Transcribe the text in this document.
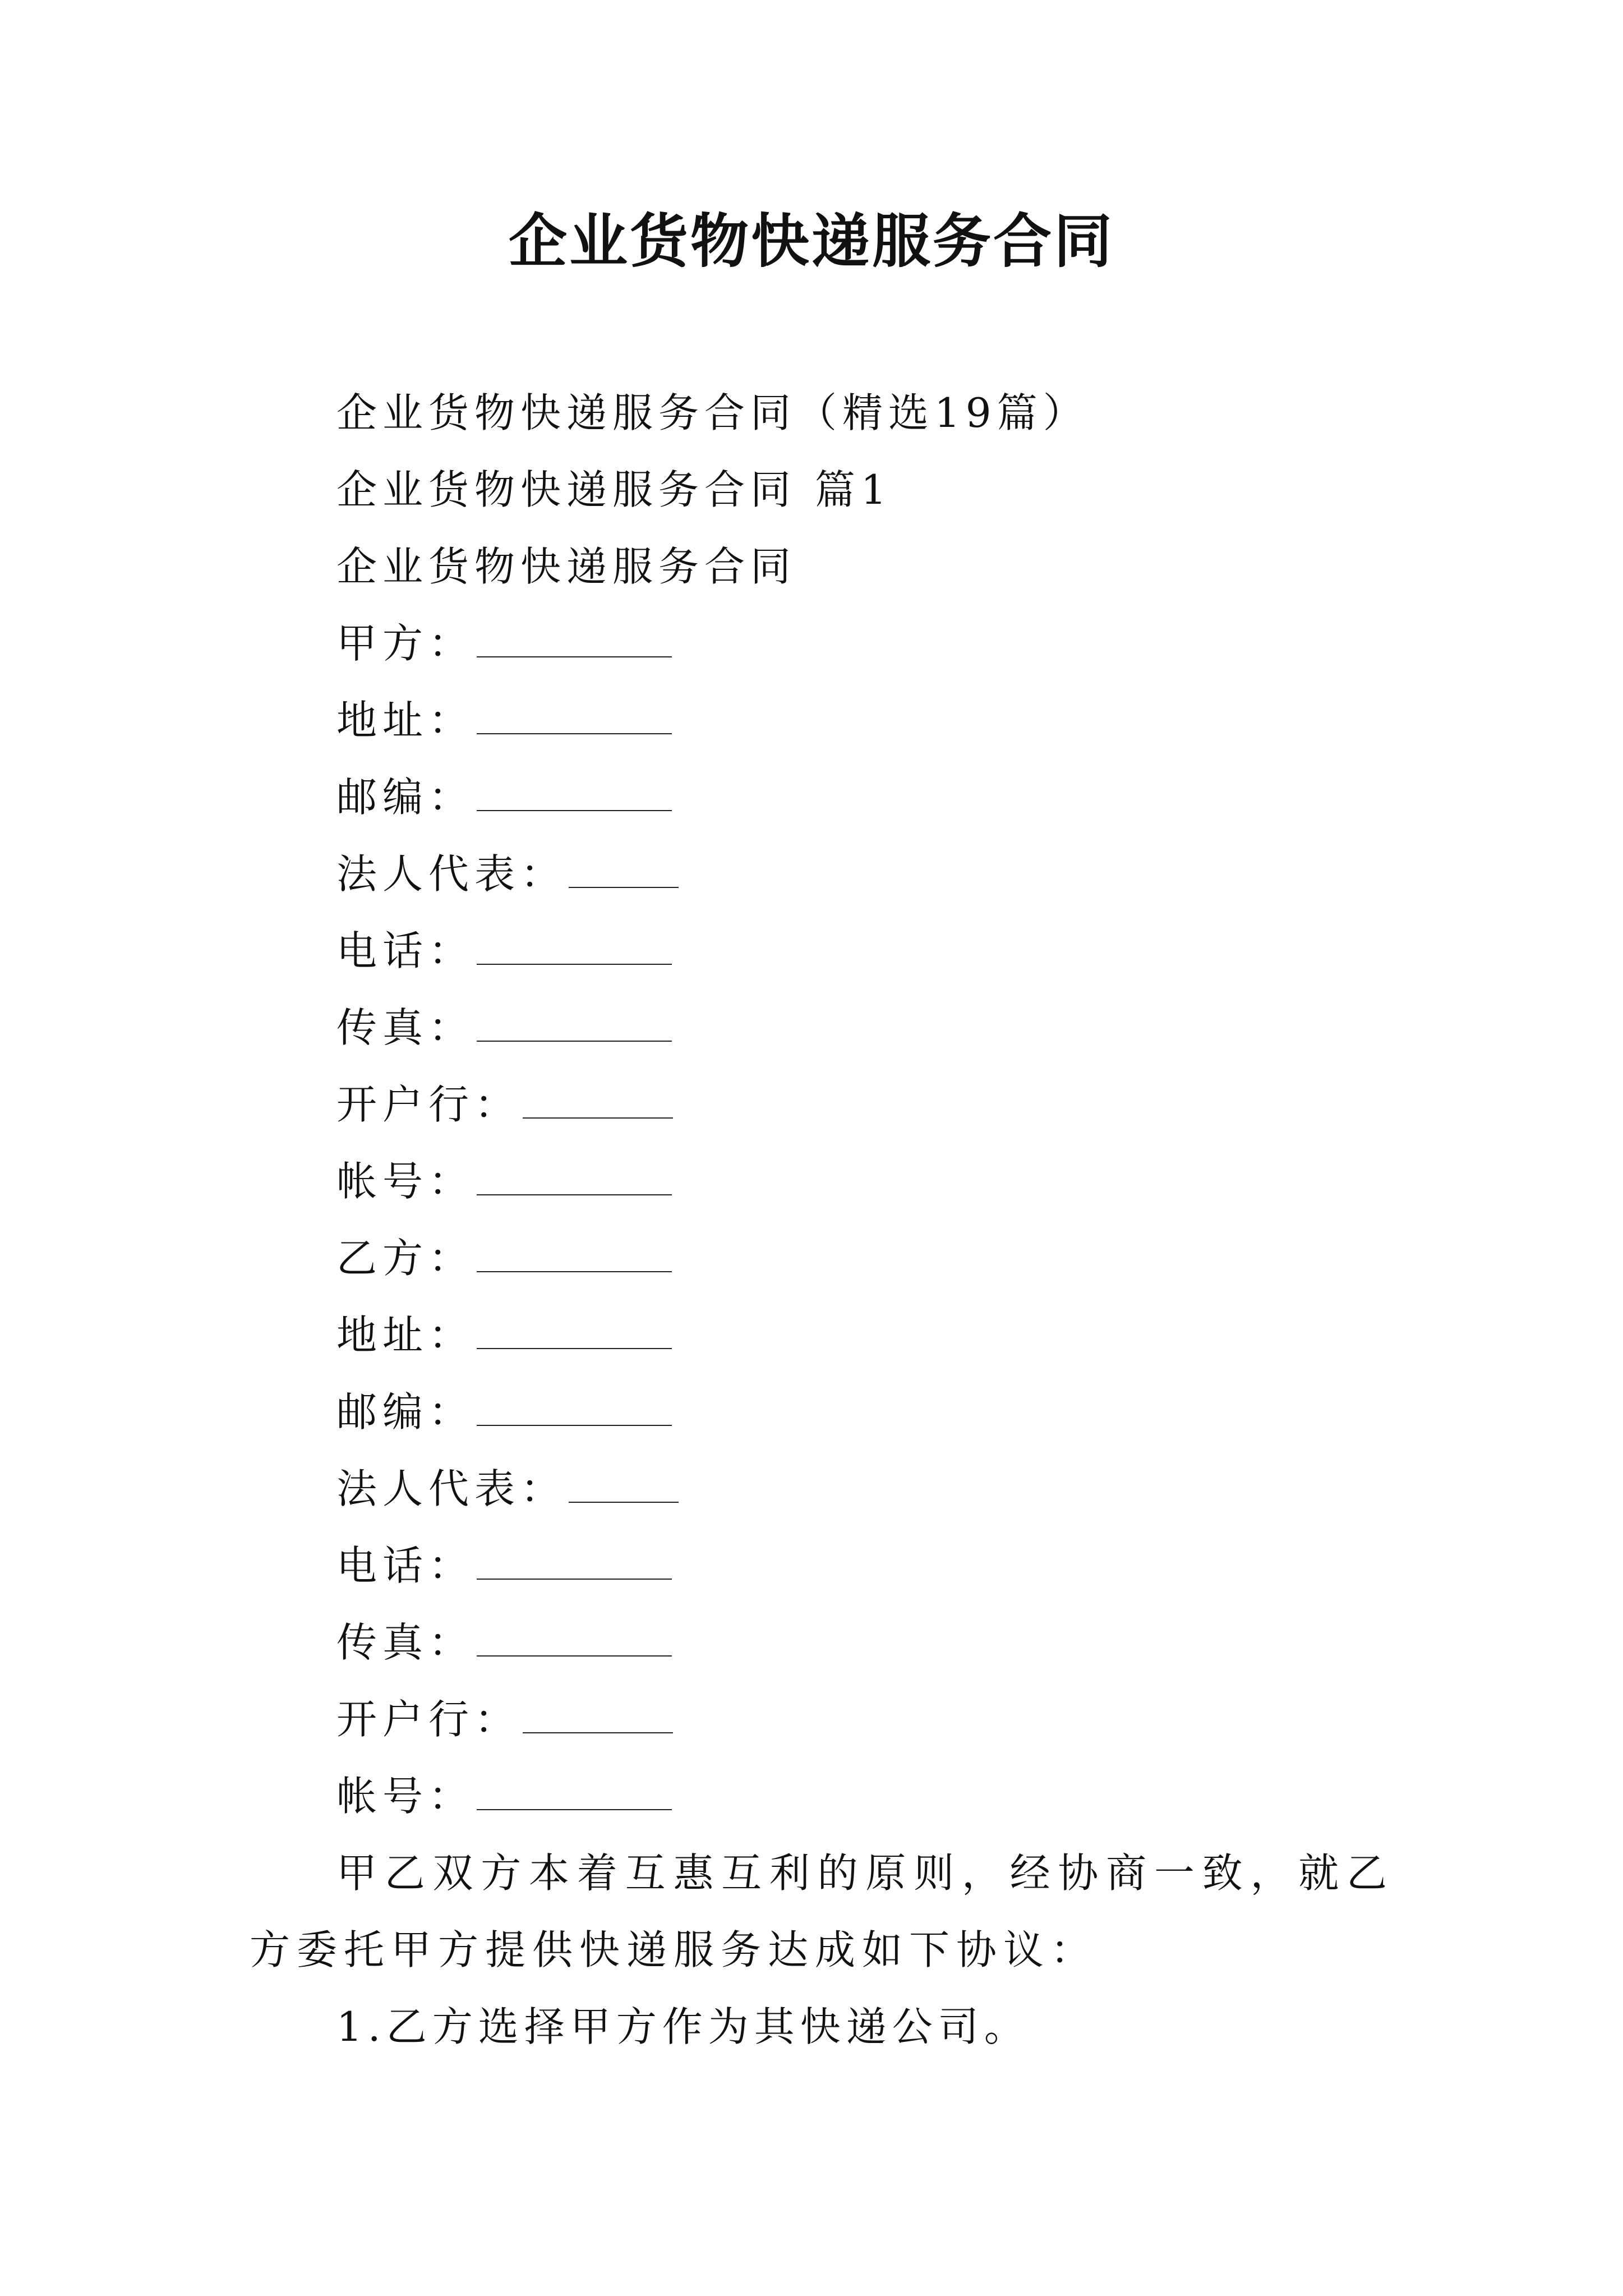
企业货物快递服务合同
企业货物快递服务合同（精选19篇）
企业货物快递服务合同 篇1
企业货物快递服务合同
甲方：
地址：
邮编：
法人代表：
电话：
传真：
开户行：
帐号：
乙方：
地址：
邮编：
法人代表：
电话：
传真：
开户行：
帐号：

甲乙双方本着互惠互利的原则，经协商一致，就乙方委托甲方提供快递服务达成如下协议：

1.乙方选择甲方作为其快递公司。
